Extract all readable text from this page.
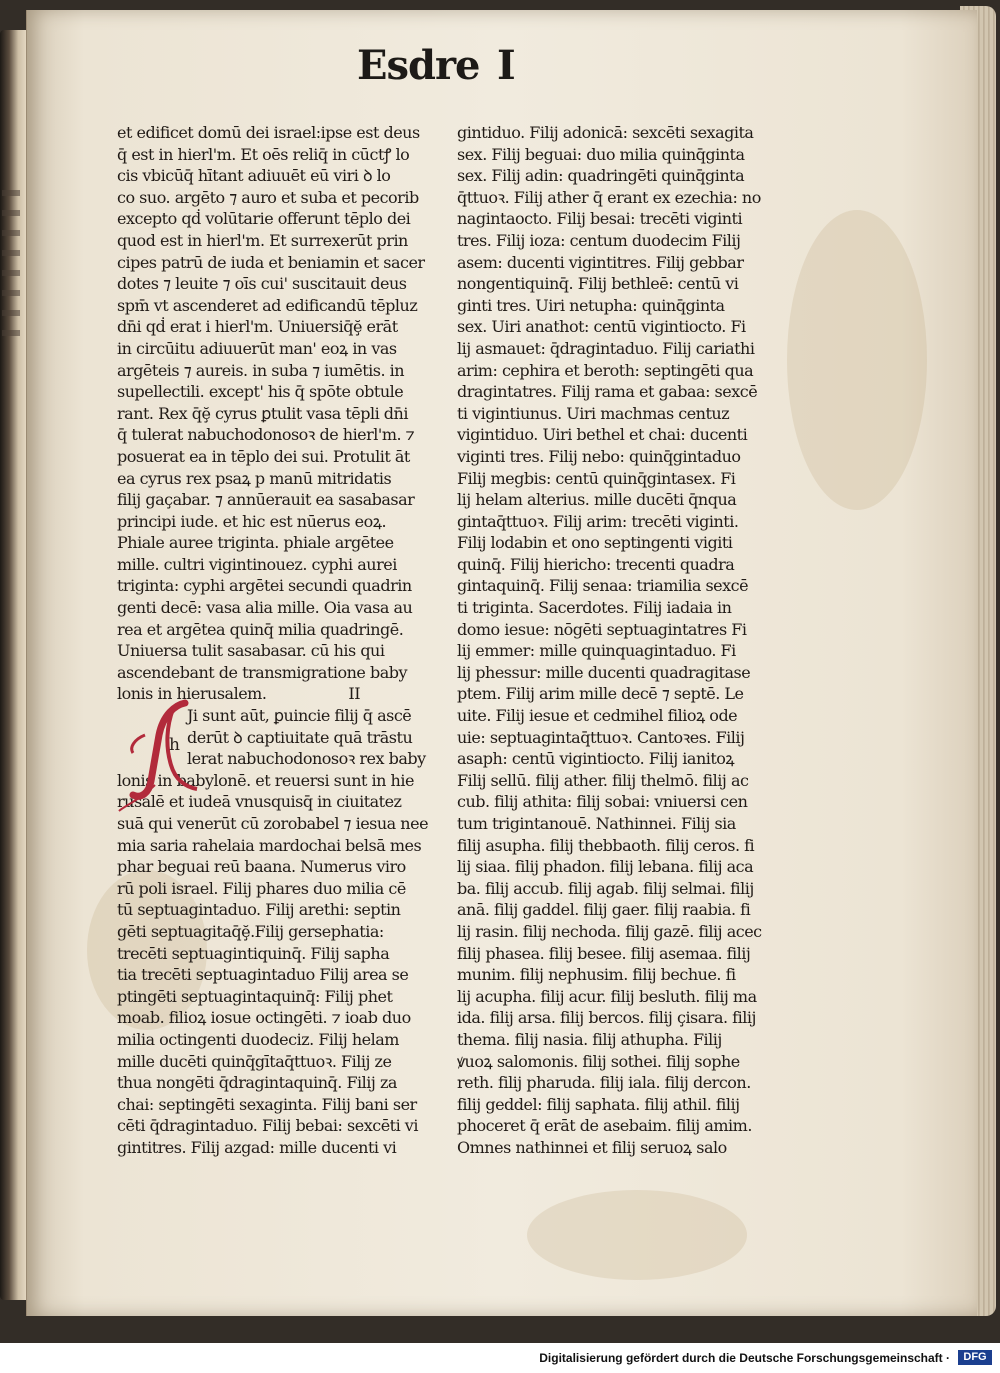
Esdre I
et edificet domū dei israel:ipse est deus
q̄ est in hierl'm. Et oēs reliq̄ in cūctꝭ lo
cis vbicūq̄ hītant adiuuēt eū viri ꝺ lo
co suo. argēto ⁊ auro et suba et pecorib
excepto qḋ volūtarie offerunt tēplo dei
quod est in hierl'm. Et surrexerūt prin
cipes patrū de iuda et beniamin et sacer
dotes ⁊ leuite ⁊ oīs cui' suscitauit deus
spm̄ vt ascenderet ad edificandū tēpluz
dn̄i qḋ erat i hierl'm. Uniuersiq̄ḝ erāt
in circūitu adiuuerūt man' eoꝝ in vas
argēteis ⁊ aureis. in suba ⁊ iumētis. in
supellectili. except' his q̄ spōte obtule
rant. Rex q̄ḝ cyrus ꝑtulit vasa tēpli dn̄i
q̄ tulerat nabuchodonosoꝛ de hierl'm. ⁊
posuerat ea in tēplo dei sui. Protulit āt
ea cyrus rex psaꝝ p manū mitridatis
filij gaçabar. ⁊ annūerauit ea sasabasar
principi iude. et hic est nūerus eoꝝ.
Phiale auree triginta. phiale argētee
mille. cultri vigintinouez. cyphi aurei
triginta: cyphi argētei secundi quadrin
genti decē: vasa alia mille. Oia vasa au
rea et argētea quinq̄ milia quadringē.
Uniuersa tulit sasabasar. cū his qui
ascendebant de transmigratione baby
lonis in hierusalem.	II
Ji sunt aūt, ꝑuincie filij q̄ ascē
derūt ꝺ captiuitate quā trāstu
lerat nabuchodonosoꝛ rex baby
lonis in babylonē. et reuersi sunt in hie
rusalē et iudeā vnusquisq̄ in ciuitatez
suā qui venerūt cū zorobabel ⁊ iesua nee
mia saria rahelaia mardochai belsā mes
phar beguai reū baana. Numerus viro
rū poli israel. Filij phares duo milia cē
tū septuagintaduo. Filij arethi: septin
gēti septuagitaq̄ḝ.Filij gersephatia:
trecēti septuagintiquinq̄. Filij sapha
tia trecēti septuagintaduo Filij area se
ptingēti septuagintaquinq̄: Filij phet
moab. filioꝝ iosue octingēti. ⁊ ioab duo
milia octingenti duodeciz. Filij helam
mille ducēti quinq̄gītaq̄ttuoꝛ. Filij ze
thua nongēti q̄dragintaquinq̄. Filij za
chai: septingēti sexaginta. Filij bani ser
cēti q̄dragintaduo. Filij bebai: sexcēti vi
gintitres. Filij azgad: mille ducenti vi
h
gintiduo. Filij adonicā: sexcēti sexagita
sex. Filij beguai: duo milia quinq̄ginta
sex. Filij adin: quadringēti quinq̄ginta
q̄ttuoꝛ. Filij ather q̄ erant ex ezechia: no
nagintaocto. Filij besai: trecēti viginti
tres. Filij ioza: centum duodecim Filij
asem: ducenti vigintitres. Filij gebbar
nongentiquinq̄. Filij bethleē: centū vi
ginti tres. Uiri netupha: quinq̄ginta
sex. Uiri anathot: centū vigintiocto. Fi
lij asmauet: q̄dragintaduo. Filij cariathi
arim: cephira et beroth: septingēti qua
dragintatres. Filij rama et gabaa: sexcē
ti vigintiunus. Uiri machmas centuz
vigintiduo. Uiri bethel et chai: ducenti
viginti tres. Filij nebo: quinq̄gintaduo
Filij megbis: centū quinq̄gintasex. Fi
lij helam alterius. mille ducēti q̄nqua
gintaq̄ttuoꝛ. Filij arim: trecēti viginti.
Filij lodabin et ono septingenti vigiti
quinq̄. Filij hiericho: trecenti quadra
gintaquinq̄. Filij senaa: triamilia sexcē
ti triginta. Sacerdotes. Filij iadaia in
domo iesue: nōgēti septuagintatres Fi
lij emmer: mille quinquagintaduo. Fi
lij phessur: mille ducenti quadragitase
ptem. Filij arim mille decē ⁊ septē. Le
uite. Filij iesue et cedmihel filioꝝ ode
uie: septuagintaq̄ttuoꝛ. Cantoꝛes. Filij
asaph: centū vigintiocto. Filij ianitoꝝ
Filij sellū. filij ather. filij thelmō. filij ac
cub. filij athita: filij sobai: vniuersi cen
tum trigintanouē. Nathinnei. Filij sia
filij asupha. filij thebbaoth. filij ceros. fi
lij siaa. filij phadon. filij lebana. filij aca
ba. filij accub. filij agab. filij selmai. filij
anā. filij gaddel. filij gaer. filij raabia. fi
lij rasin. filij nechoda. filij gazē. filij acec
filij phasea. filij besee. filij asemaa. filij
munim. filij nephusim. filij bechue. fi
lij acupha. filij acur. filij besluth. filij ma
ida. filij arsa. filij bercos. filij çisara. filij
thema. filij nasia. filij athupha. Filij
ꝟuoꝝ salomonis. filij sothei. filij sophe
reth. filij pharuda. filij iala. filij dercon.
filij geddel: filij saphata. filij athil. filij
phoceret q̄ erāt de asebaim. filij amim.
Omnes nathinnei et filij seruoꝝ salo
Digitalisierung gefördert durch die Deutsche Forschungsgemeinschaft ·	DFG
